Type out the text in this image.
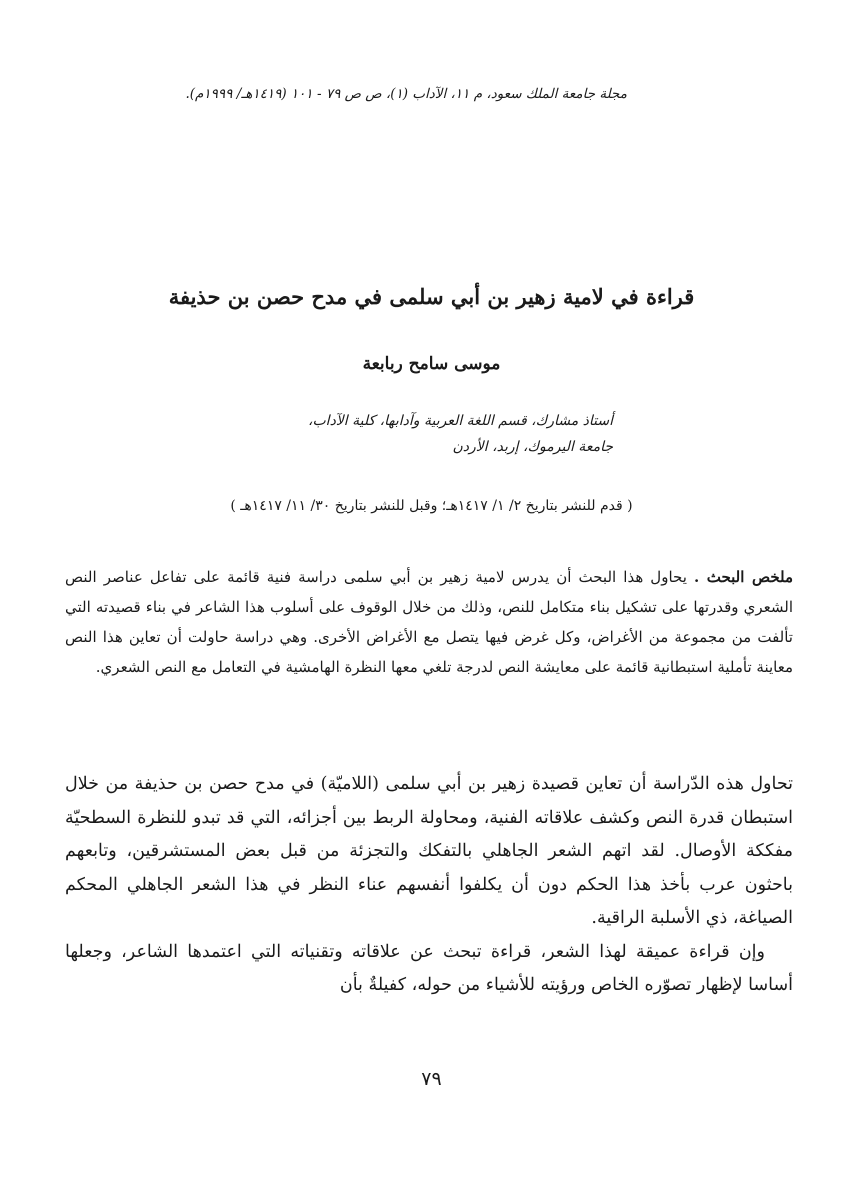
مجلة جامعة الملك سعود، م ١١، الآداب (١)، ص ص ٧٩ - ١٠١ (١٤١٩هـ/ ١٩٩٩م).
قراءة في لامية زهير بن أبي سلمى في مدح حصن بن حذيفة
موسى سامح ربابعة
أستاذ مشارك، قسم اللغة العربية وآدابها، كلية الآداب،
جامعة اليرموك، إربد، الأردن
( قدم للنشر بتاريخ ٢/ ١/ ١٤١٧هـ؛ وقبل للنشر بتاريخ ٣٠/ ١١/ ١٤١٧هـ )
ملخص البحث . يحاول هذا البحث أن يدرس لامية زهير بن أبي سلمى دراسة فنية قائمة على تفاعل عناصر النص الشعري وقدرتها على تشكيل بناء متكامل للنص، وذلك من خلال الوقوف على أسلوب هذا الشاعر في بناء قصيدته التي تألفت من مجموعة من الأغراض، وكل غرض فيها يتصل مع الأغراض الأخرى. وهي دراسة حاولت أن تعاين هذا النص معاينة تأملية استبطانية قائمة على معايشة النص لدرجة تلغي معها النظرة الهامشية في التعامل مع النص الشعري.

تحاول هذه الدّراسة أن تعاين قصيدة زهير بن أبي سلمى (اللاميّة) في مدح حصن بن حذيفة من خلال استبطان قدرة النص وكشف علاقاته الفنية، ومحاولة الربط بين أجزائه، التي قد تبدو للنظرة السطحيّة مفككة الأوصال. لقد اتهم الشعر الجاهلي بالتفكك والتجزئة من قبل بعض المستشرقين، وتابعهم باحثون عرب بأخذ هذا الحكم دون أن يكلفوا أنفسهم عناء النظر في هذا الشعر الجاهلي المحكم الصياغة، ذي الأسلبة الراقية.

وإن قراءة عميقة لهذا الشعر، قراءة تبحث عن علاقاته وتقنياته التي اعتمدها الشاعر، وجعلها أساسا لإظهار تصوّره الخاص ورؤيته للأشياء من حوله، كفيلةٌ بأن

٧٩
